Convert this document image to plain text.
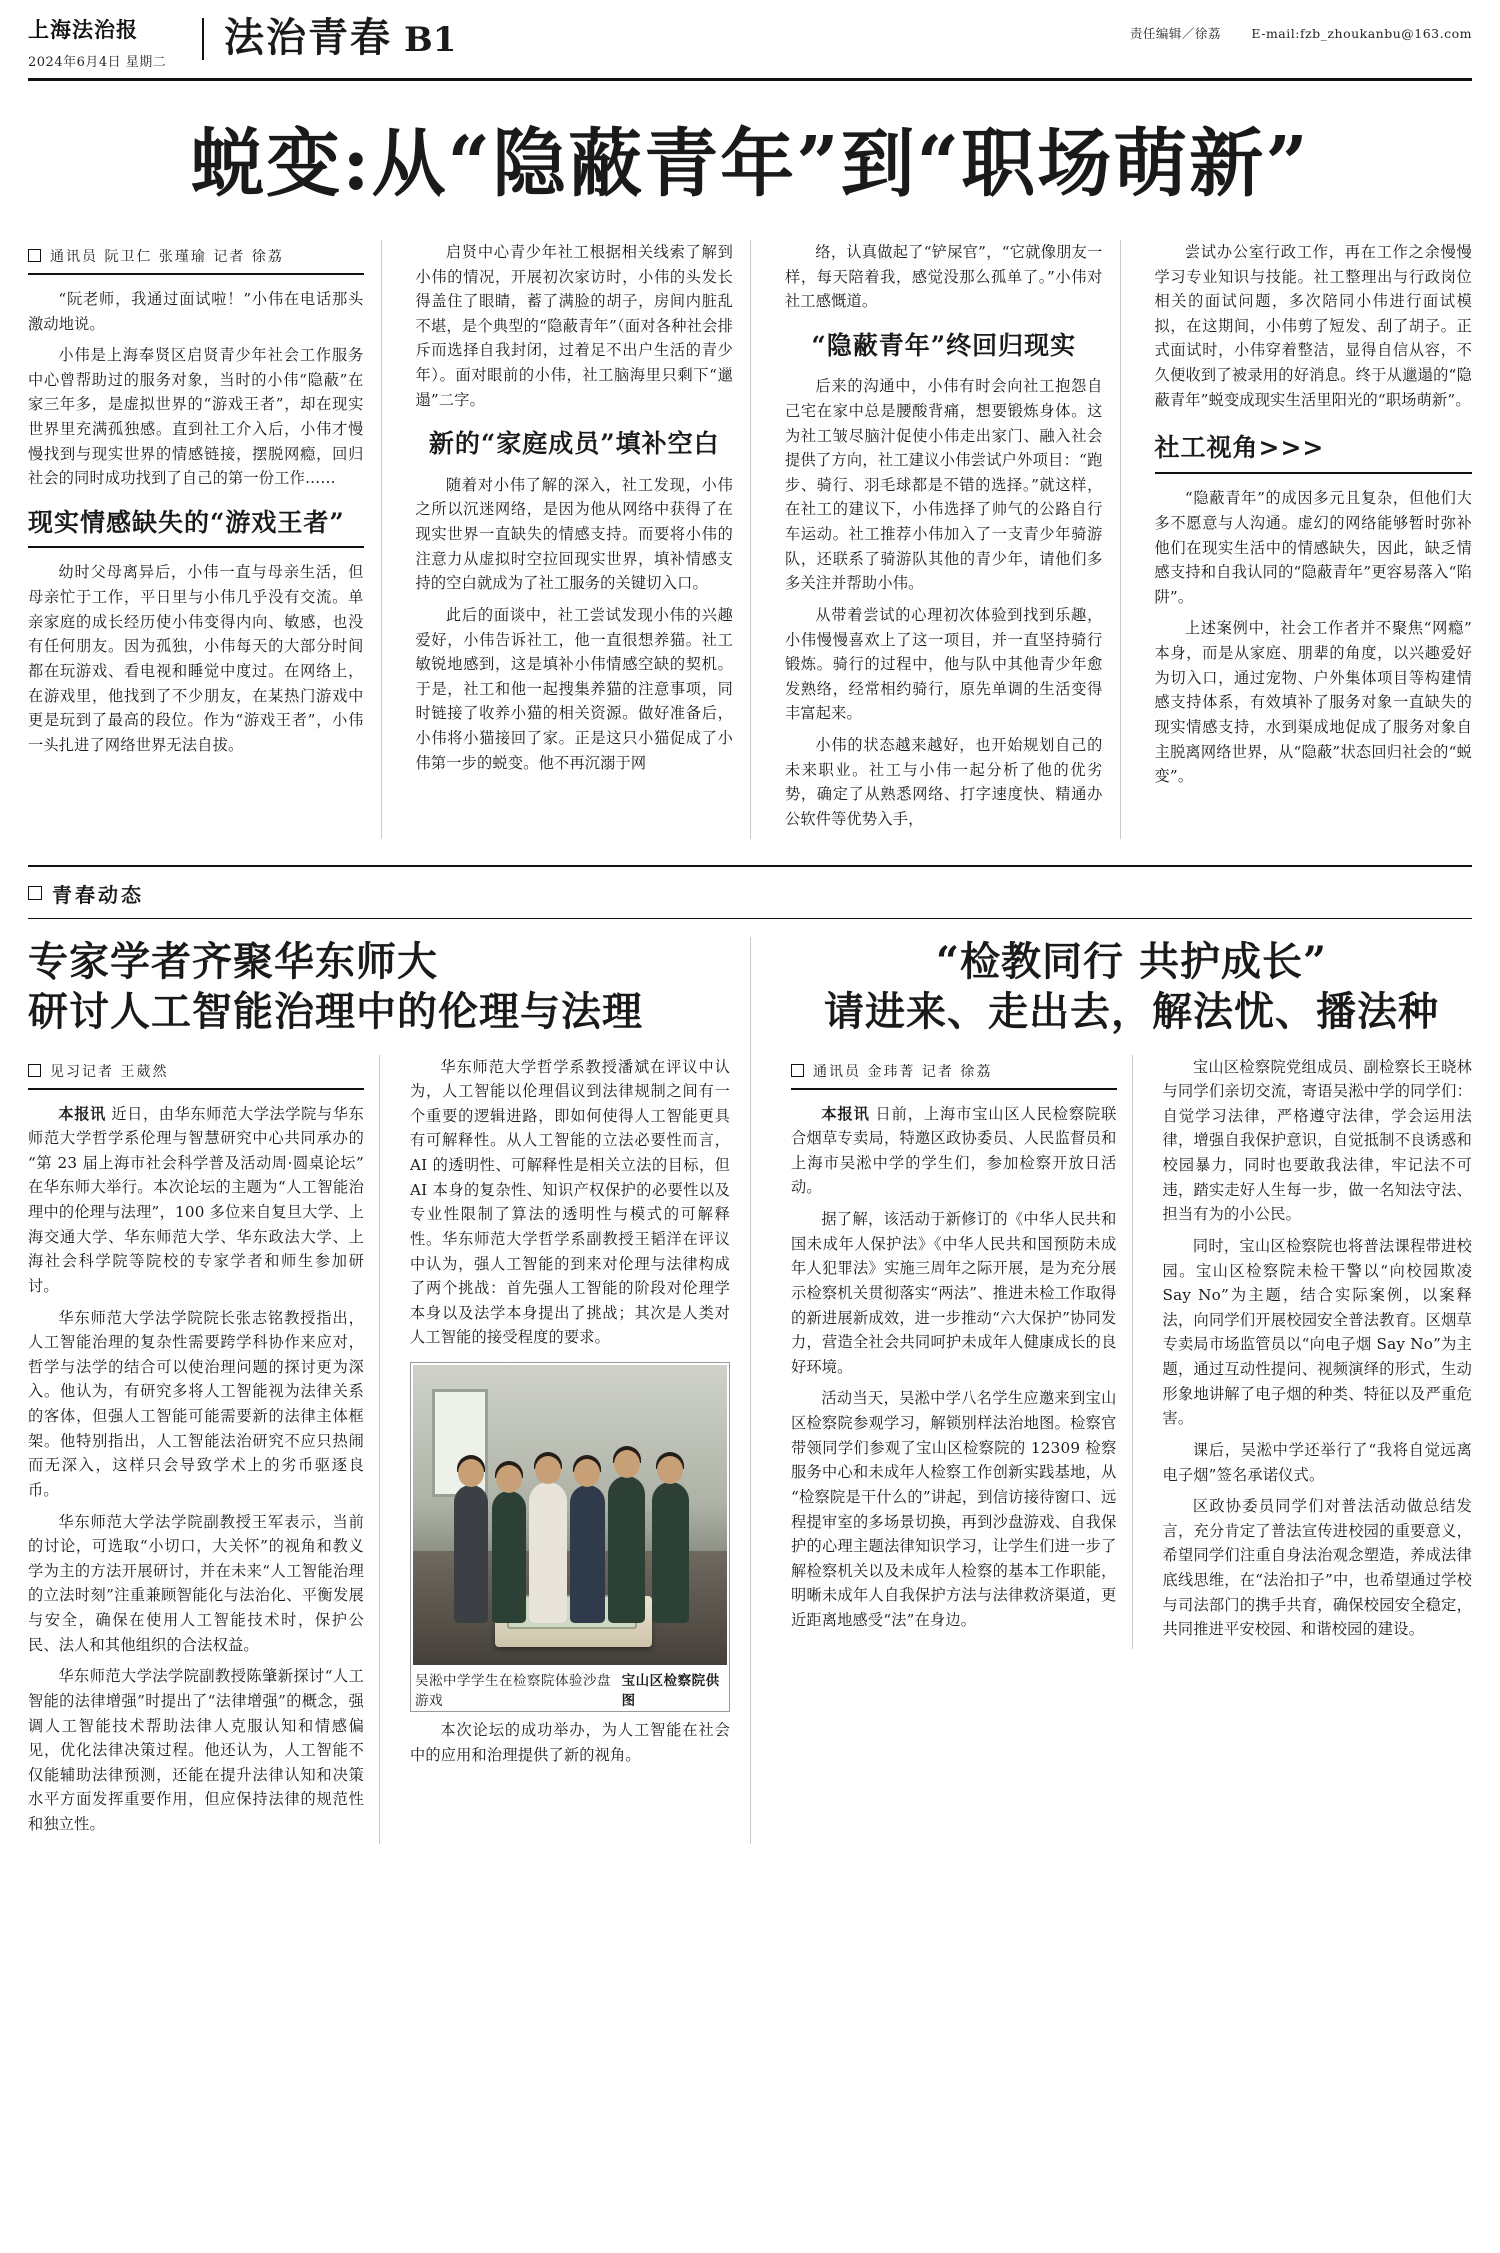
上海法治报
2024年6月4日 星期二
法治青春 B1	责任编辑／徐荔 E-mail:fzb_zhoukanbu@163.com
蜕变:从“隐蔽青年”到“职场萌新”
通讯员 阮卫仁 张瑾瑜 记者 徐荔

“阮老师，我通过面试啦！”小伟在电话那头激动地说。

小伟是上海奉贤区启贤青少年社会工作服务中心曾帮助过的服务对象，当时的小伟“隐蔽”在家三年多，是虚拟世界的“游戏王者”，却在现实世界里充满孤独感。直到社工介入后，小伟才慢慢找到与现实世界的情感链接，摆脱网瘾，回归社会的同时成功找到了自己的第一份工作……

现实情感缺失的“游戏王者”

幼时父母离异后，小伟一直与母亲生活，但母亲忙于工作，平日里与小伟几乎没有交流。单亲家庭的成长经历使小伟变得内向、敏感，也没有任何朋友。因为孤独，小伟每天的大部分时间都在玩游戏、看电视和睡觉中度过。在网络上，在游戏里，他找到了不少朋友，在某热门游戏中更是玩到了最高的段位。作为“游戏王者”，小伟一头扎进了网络世界无法自拔。

启贤中心青少年社工根据相关线索了解到小伟的情况，开展初次家访时，小伟的头发长得盖住了眼睛，蓄了满脸的胡子，房间内脏乱不堪，是个典型的“隐蔽青年”（面对各种社会排斥而选择自我封闭，过着足不出户生活的青少年）。面对眼前的小伟，社工脑海里只剩下“邋遢”二字。

新的“家庭成员”填补空白

随着对小伟了解的深入，社工发现，小伟之所以沉迷网络，是因为他从网络中获得了在现实世界一直缺失的情感支持。而要将小伟的注意力从虚拟时空拉回现实世界，填补情感支持的空白就成为了社工服务的关键切入口。

此后的面谈中，社工尝试发现小伟的兴趣爱好，小伟告诉社工，他一直很想养猫。社工敏锐地感到，这是填补小伟情感空缺的契机。于是，社工和他一起搜集养猫的注意事项，同时链接了收养小猫的相关资源。做好准备后，小伟将小猫接回了家。正是这只小猫促成了小伟第一步的蜕变。他不再沉溺于网

络，认真做起了“铲屎官”，“它就像朋友一样，每天陪着我，感觉没那么孤单了。”小伟对社工感慨道。

“隐蔽青年”终回归现实

后来的沟通中，小伟有时会向社工抱怨自己宅在家中总是腰酸背痛，想要锻炼身体。这为社工皱尽脑汁促使小伟走出家门、融入社会提供了方向，社工建议小伟尝试户外项目：“跑步、骑行、羽毛球都是不错的选择。”就这样，在社工的建议下，小伟选择了帅气的公路自行车运动。社工推荐小伟加入了一支青少年骑游队，还联系了骑游队其他的青少年，请他们多多关注并帮助小伟。

从带着尝试的心理初次体验到找到乐趣，小伟慢慢喜欢上了这一项目，并一直坚持骑行锻炼。骑行的过程中，他与队中其他青少年愈发熟络，经常相约骑行，原先单调的生活变得丰富起来。

小伟的状态越来越好，也开始规划自己的未来职业。社工与小伟一起分析了他的优劣势，确定了从熟悉网络、打字速度快、精通办公软件等优势入手，

尝试办公室行政工作，再在工作之余慢慢学习专业知识与技能。社工整理出与行政岗位相关的面试问题，多次陪同小伟进行面试模拟，在这期间，小伟剪了短发、刮了胡子。正式面试时，小伟穿着整洁，显得自信从容，不久便收到了被录用的好消息。终于从邋遢的“隐蔽青年”蜕变成现实生活里阳光的“职场萌新”。

社工视角>>>

“隐蔽青年”的成因多元且复杂，但他们大多不愿意与人沟通。虚幻的网络能够暂时弥补他们在现实生活中的情感缺失，因此，缺乏情感支持和自我认同的“隐蔽青年”更容易落入“陷阱”。

上述案例中，社会工作者并不聚焦“网瘾”本身，而是从家庭、朋辈的角度，以兴趣爱好为切入口，通过宠物、户外集体项目等构建情感支持体系，有效填补了服务对象一直缺失的现实情感支持，水到渠成地促成了服务对象自主脱离网络世界，从“隐蔽”状态回归社会的“蜕变”。

青春动态
专家学者齐聚华东师大
研讨人工智能治理中的伦理与法理
见习记者 王葳然

本报讯 近日，由华东师范大学法学院与华东师范大学哲学系伦理与智慧研究中心共同承办的“第 23 届上海市社会科学普及活动周·圆桌论坛”在华东师大举行。本次论坛的主题为“人工智能治理中的伦理与法理”，100 多位来自复旦大学、上海交通大学、华东师范大学、华东政法大学、上海社会科学院等院校的专家学者和师生参加研讨。

华东师范大学法学院院长张志铭教授指出，人工智能治理的复杂性需要跨学科协作来应对，哲学与法学的结合可以使治理问题的探讨更为深入。他认为，有研究多将人工智能视为法律关系的客体，但强人工智能可能需要新的法律主体框架。他特别指出，人工智能法治研究不应只热闹而无深入，这样只会导致学术上的劣币驱逐良币。

华东师范大学法学院副教授王军表示，当前的讨论，可选取“小切口，大关怀”的视角和教义学为主的方法开展研讨，并在未来“人工智能治理的立法时刻”注重兼顾智能化与法治化、平衡发展与安全，确保在使用人工智能技术时，保护公民、法人和其他组织的合法权益。

华东师范大学法学院副教授陈肇新探讨“人工智能的法律增强”时提出了“法律增强”的概念，强调人工智能技术帮助法律人克服认知和情感偏见，优化法律决策过程。他还认为，人工智能不仅能辅助法律预测，还能在提升法律认知和决策水平方面发挥重要作用，但应保持法律的规范性和独立性。

华东师范大学哲学系教授潘斌在评议中认为，人工智能以伦理倡议到法律规制之间有一个重要的逻辑进路，即如何使得人工智能更具有可解释性。从人工智能的立法必要性而言，AI 的透明性、可解释性是相关立法的目标，但 AI 本身的复杂性、知识产权保护的必要性以及专业性限制了算法的透明性与模式的可解释性。华东师范大学哲学系副教授王韬洋在评议中认为，强人工智能的到来对伦理与法律构成了两个挑战：首先强人工智能的阶段对伦理学本身以及法学本身提出了挑战；其次是人类对人工智能的接受程度的要求。

吴淞中学学生在检察院体验沙盘游戏
宝山区检察院供图

本次论坛的成功举办，为人工智能在社会中的应用和治理提供了新的视角。

“检教同行 共护成长”
请进来、走出去，解法忧、播法种
通讯员 金玮菁 记者 徐荔

本报讯 日前，上海市宝山区人民检察院联合烟草专卖局，特邀区政协委员、人民监督员和上海市吴淞中学的学生们，参加检察开放日活动。

据了解，该活动于新修订的《中华人民共和国未成年人保护法》《中华人民共和国预防未成年人犯罪法》实施三周年之际开展，是为充分展示检察机关贯彻落实“两法”、推进未检工作取得的新进展新成效，进一步推动“六大保护”协同发力，营造全社会共同呵护未成年人健康成长的良好环境。

活动当天，吴淞中学八名学生应邀来到宝山区检察院参观学习，解锁别样法治地图。检察官带领同学们参观了宝山区检察院的 12309 检察服务中心和未成年人检察工作创新实践基地，从“检察院是干什么的”讲起，到信访接待窗口、远程提审室的多场景切换，再到沙盘游戏、自我保护的心理主题法律知识学习，让学生们进一步了解检察机关以及未成年人检察的基本工作职能，明晰未成年人自我保护方法与法律救济渠道，更近距离地感受“法”在身边。

宝山区检察院党组成员、副检察长王晓林与同学们亲切交流，寄语吴淞中学的同学们：自觉学习法律，严格遵守法律，学会运用法律，增强自我保护意识，自觉抵制不良诱惑和校园暴力，同时也要敢我法律，牢记法不可违，踏实走好人生每一步，做一名知法守法、担当有为的小公民。

同时，宝山区检察院也将普法课程带进校园。宝山区检察院未检干警以“向校园欺凌 Say No”为主题，结合实际案例，以案释法，向同学们开展校园安全普法教育。区烟草专卖局市场监管员以“向电子烟 Say No”为主题，通过互动性提问、视频演绎的形式，生动形象地讲解了电子烟的种类、特征以及严重危害。

课后，吴淞中学还举行了“我将自觉远离电子烟”签名承诺仪式。

区政协委员同学们对普法活动做总结发言，充分肯定了普法宣传进校园的重要意义，希望同学们注重自身法治观念塑造，养成法律底线思维，在“法治扣子”中，也希望通过学校与司法部门的携手共育，确保校园安全稳定，共同推进平安校园、和谐校园的建设。
